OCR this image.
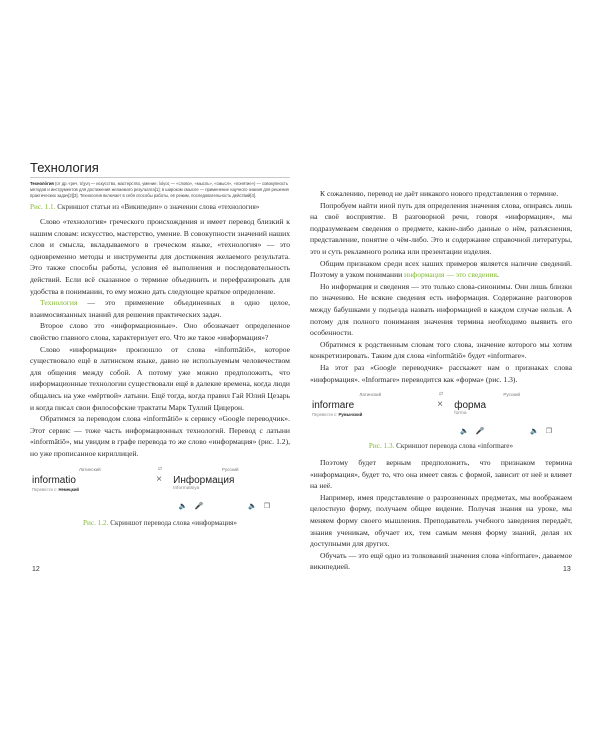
Технология

Техноло́гия (от др.-греч. τέχνη — искусство, мастерство, умение; λόγος — «слово», «мысль», «смысл», «понятие») — совокупность методов и инструментов для достижения желаемого результата[1]; в широком смысле — применение научного знания для решения практических задач[2][3]. Технология включает в себя способы работы, её режим, последовательность действий[4].

Рис. 1.1. Скриншот статьи из «Википедии» о значении слова «технология»

Слово «технология» греческого происхождения и имеет перевод близкий к нашим словам: искусство, мастерство, умение. В совокупности значений наших слов и смысла, вкладываемого в греческом языке, «технология» — это одновременно методы и инструменты для достижения желаемого результата. Это также способы работы, условия её выполнения и последовательность действий. Если всё сказанное о термине объединить и перефразировать для удобства в понимании, то ему можно дать следующее краткое определение.

Технология — это применение объединенных в одно целое, взаимосвязанных знаний для решения практических задач.

Второе слово это «информационные». Оно обозначает определенное свойство главного слова, характеризует его. Что же такое «информация»?

Слово «информация» произошло от слова «informātiō», которое существовало ещё в латинском языке, давно не используемым человечеством для общения между собой. А потому уже можно предположить, что информационные технологии существовали ещё в далекие времена, когда люди общались на уже «мёртвой» латыни. Ещё тогда, когда правил Гай Юлий Цезарь и когда писал свои философские трактаты Марк Туллий Цицерон.

Обратимся за переводом слова «informātiō» к сервису «Google переводчик». Этот сервис — тоже часть информационных технологий. Перевод с латыни «informātiō», мы увидим в графе перевода то же слово «информация» (рис. 1.2), но уже прописанное кириллицей.

Латинский	⇄	Русский
informatio
Перевести с: Немецкий
×	Информация
Informatsiya
🔈 🎤	🔈 ❐

Рис. 1.2. Скриншот перевода слова «информация»

12

К сожалению, перевод не даёт никакого нового представления о термине.

Попробуем найти иной путь для определения значения слова, опираясь лишь на своё восприятие. В разговорной речи, говоря «информация», мы подразумеваем сведения о предмете, какие-либо данные о нём, разъяснения, представление, понятие о чём-либо. Это и содержание справочной литературы, это и суть рекламного ролика или презентации изделия.

Общим признаком среди всех наших примеров является наличие сведений. Поэтому в узком понимании информация — это сведения.

Но информация и сведения — это только слова-синонимы. Они лишь близки по значению. Не всякие сведения есть информация. Содержание разговоров между бабушками у подъезда назвать информацией в каждом случае нельзя. А потому для полного понимания значения термина необходимо выявить его особенности.

Обратимся к родственным словам того слова, значение которого мы хотим конкретизировать. Таким для слова «informātiō» будет «informare».

На этот раз «Google переводчик» расскажет нам о признаках слова «информация». «Informare» переводится как «форма» (рис. 1.3).

Латинский	⇄	Русский
informare
Перевести с: Румынский
×	форма
forma
🔈 🎤	🔈 ❐

Рис. 1.3. Скриншот перевода слова «informare»

Поэтому будет верным предположить, что признаком термина «информация», будет то, что она имеет связь с формой, зависит от неё и влияет на неё.

Например, имея представление о разрозненных предметах, мы воображаем целостную форму, получаем общее видение. Получая знания на уроке, мы меняем форму своего мышления. Преподаватель учебного заведения передаёт, знания ученикам, обучает их, тем самым меняя форму знаний, делая их доступными для других.

Обучать — это ещё одно из толкований значения слова «informare», даваемое википедией.	13
